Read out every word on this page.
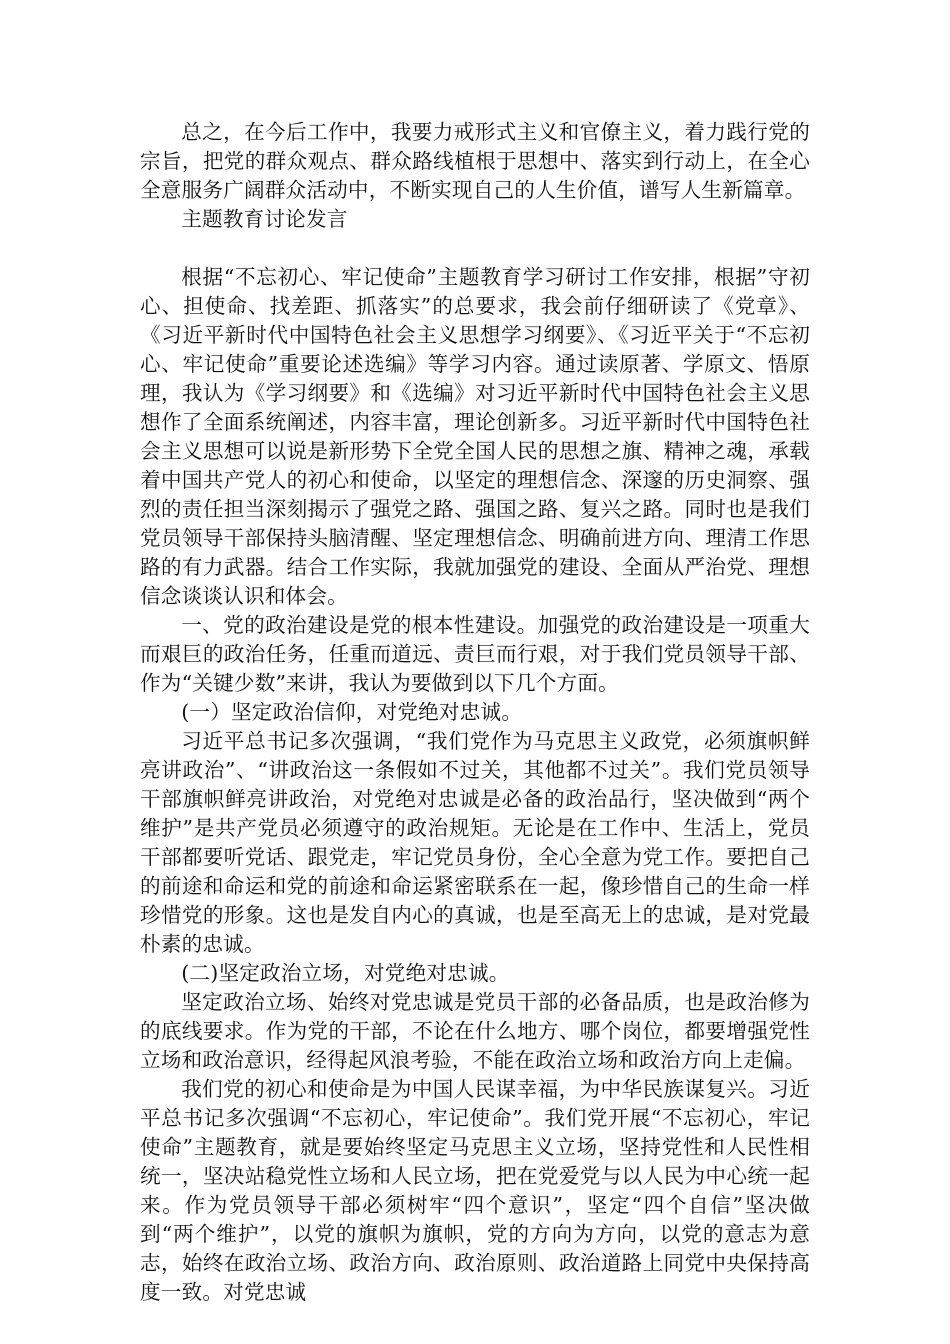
总之，在今后工作中，我要力戒形式主义和官僚主义，着力践行党的宗旨，把党的群众观点、群众路线植根于思想中、落实到行动上，在全心全意服务广阔群众活动中，不断实现自己的人生价值，谱写人生新篇章。

主题教育讨论发言

根据“不忘初心、牢记使命”主题教育学习研讨工作安排，根据”守初心、担使命、找差距、抓落实”的总要求，我会前仔细研读了《党章》、《习近平新时代中国特色社会主义思想学习纲要》、《习近平关于“不忘初心、牢记使命”重要论述选编》等学习内容。通过读原著、学原文、悟原理，我认为《学习纲要》和《选编》对习近平新时代中国特色社会主义思想作了全面系统阐述，内容丰富，理论创新多。习近平新时代中国特色社会主义思想可以说是新形势下全党全国人民的思想之旗、精神之魂，承载着中国共产党人的初心和使命，以坚定的理想信念、深邃的历史洞察、强烈的责任担当深刻揭示了强党之路、强国之路、复兴之路。同时也是我们党员领导干部保持头脑清醒、坚定理想信念、明确前进方向、理清工作思路的有力武器。结合工作实际，我就加强党的建设、全面从严治党、理想信念谈谈认识和体会。

一、党的政治建设是党的根本性建设。加强党的政治建设是一项重大而艰巨的政治任务，任重而道远、责巨而行艰，对于我们党员领导干部、作为“关键少数”来讲，我认为要做到以下几个方面。

(一）坚定政治信仰，对党绝对忠诚。

习近平总书记多次强调，“我们党作为马克思主义政党，必须旗帜鲜亮讲政治”、“讲政治这一条假如不过关，其他都不过关”。我们党员领导干部旗帜鲜亮讲政治，对党绝对忠诚是必备的政治品行，坚决做到“两个维护”是共产党员必须遵守的政治规矩。无论是在工作中、生活上，党员干部都要听党话、跟党走，牢记党员身份，全心全意为党工作。要把自己的前途和命运和党的前途和命运紧密联系在一起，像珍惜自己的生命一样珍惜党的形象。这也是发自内心的真诚，也是至高无上的忠诚，是对党最朴素的忠诚。

(二)坚定政治立场，对党绝对忠诚。

坚定政治立场、始终对党忠诚是党员干部的必备品质，也是政治修为的底线要求。作为党的干部，不论在什么地方、哪个岗位，都要增强党性立场和政治意识，经得起风浪考验，不能在政治立场和政治方向上走偏。

我们党的初心和使命是为中国人民谋幸福，为中华民族谋复兴。习近平总书记多次强调“不忘初心，牢记使命”。我们党开展“不忘初心，牢记使命”主题教育，就是要始终坚定马克思主义立场，坚持党性和人民性相统一，坚决站稳党性立场和人民立场，把在党爱党与以人民为中心统一起来。作为党员领导干部必须树牢“四个意识”，坚定“四个自信”坚决做到“两个维护”，以党的旗帜为旗帜，党的方向为方向，以党的意志为意志，始终在政治立场、政治方向、政治原则、政治道路上同党中央保持高度一致。对党忠诚
